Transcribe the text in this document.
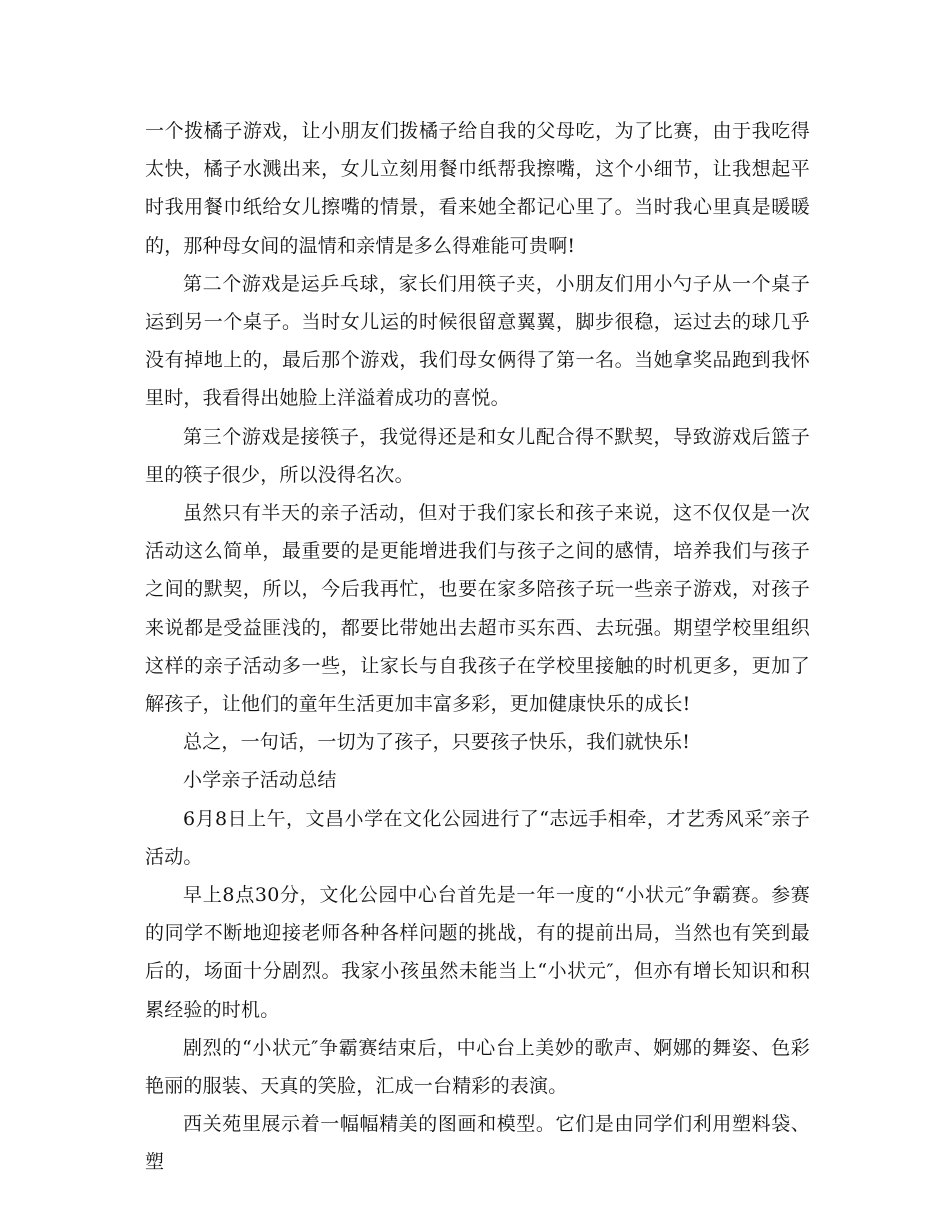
一个拨橘子游戏，让小朋友们拨橘子给自我的父母吃，为了比赛，由于我吃得太快，橘子水溅出来，女儿立刻用餐巾纸帮我擦嘴，这个小细节，让我想起平时我用餐巾纸给女儿擦嘴的情景，看来她全都记心里了。当时我心里真是暖暖的，那种母女间的温情和亲情是多么得难能可贵啊!

第二个游戏是运乒乓球，家长们用筷子夹，小朋友们用小勺子从一个桌子运到另一个桌子。当时女儿运的时候很留意翼翼，脚步很稳，运过去的球几乎没有掉地上的，最后那个游戏，我们母女俩得了第一名。当她拿奖品跑到我怀里时，我看得出她脸上洋溢着成功的喜悦。

第三个游戏是接筷子，我觉得还是和女儿配合得不默契，导致游戏后篮子里的筷子很少，所以没得名次。

虽然只有半天的亲子活动，但对于我们家长和孩子来说，这不仅仅是一次活动这么简单，最重要的是更能增进我们与孩子之间的感情，培养我们与孩子之间的默契，所以，今后我再忙，也要在家多陪孩子玩一些亲子游戏，对孩子来说都是受益匪浅的，都要比带她出去超市买东西、去玩强。期望学校里组织这样的亲子活动多一些，让家长与自我孩子在学校里接触的时机更多，更加了解孩子，让他们的童年生活更加丰富多彩，更加健康快乐的成长!

总之，一句话，一切为了孩子，只要孩子快乐，我们就快乐!

小学亲子活动总结

6月8日上午，文昌小学在文化公园进行了“志远手相牵，才艺秀风采″亲子活动。

早上8点30分，文化公园中心台首先是一年一度的“小状元″争霸赛。参赛的同学不断地迎接老师各种各样问题的挑战，有的提前出局，当然也有笑到最后的，场面十分剧烈。我家小孩虽然未能当上“小状元″，但亦有增长知识和积累经验的时机。

剧烈的“小状元″争霸赛结束后，中心台上美妙的歌声、婀娜的舞姿、色彩艳丽的服装、天真的笑脸，汇成一台精彩的表演。

西关苑里展示着一幅幅精美的图画和模型。它们是由同学们利用塑料袋、塑
